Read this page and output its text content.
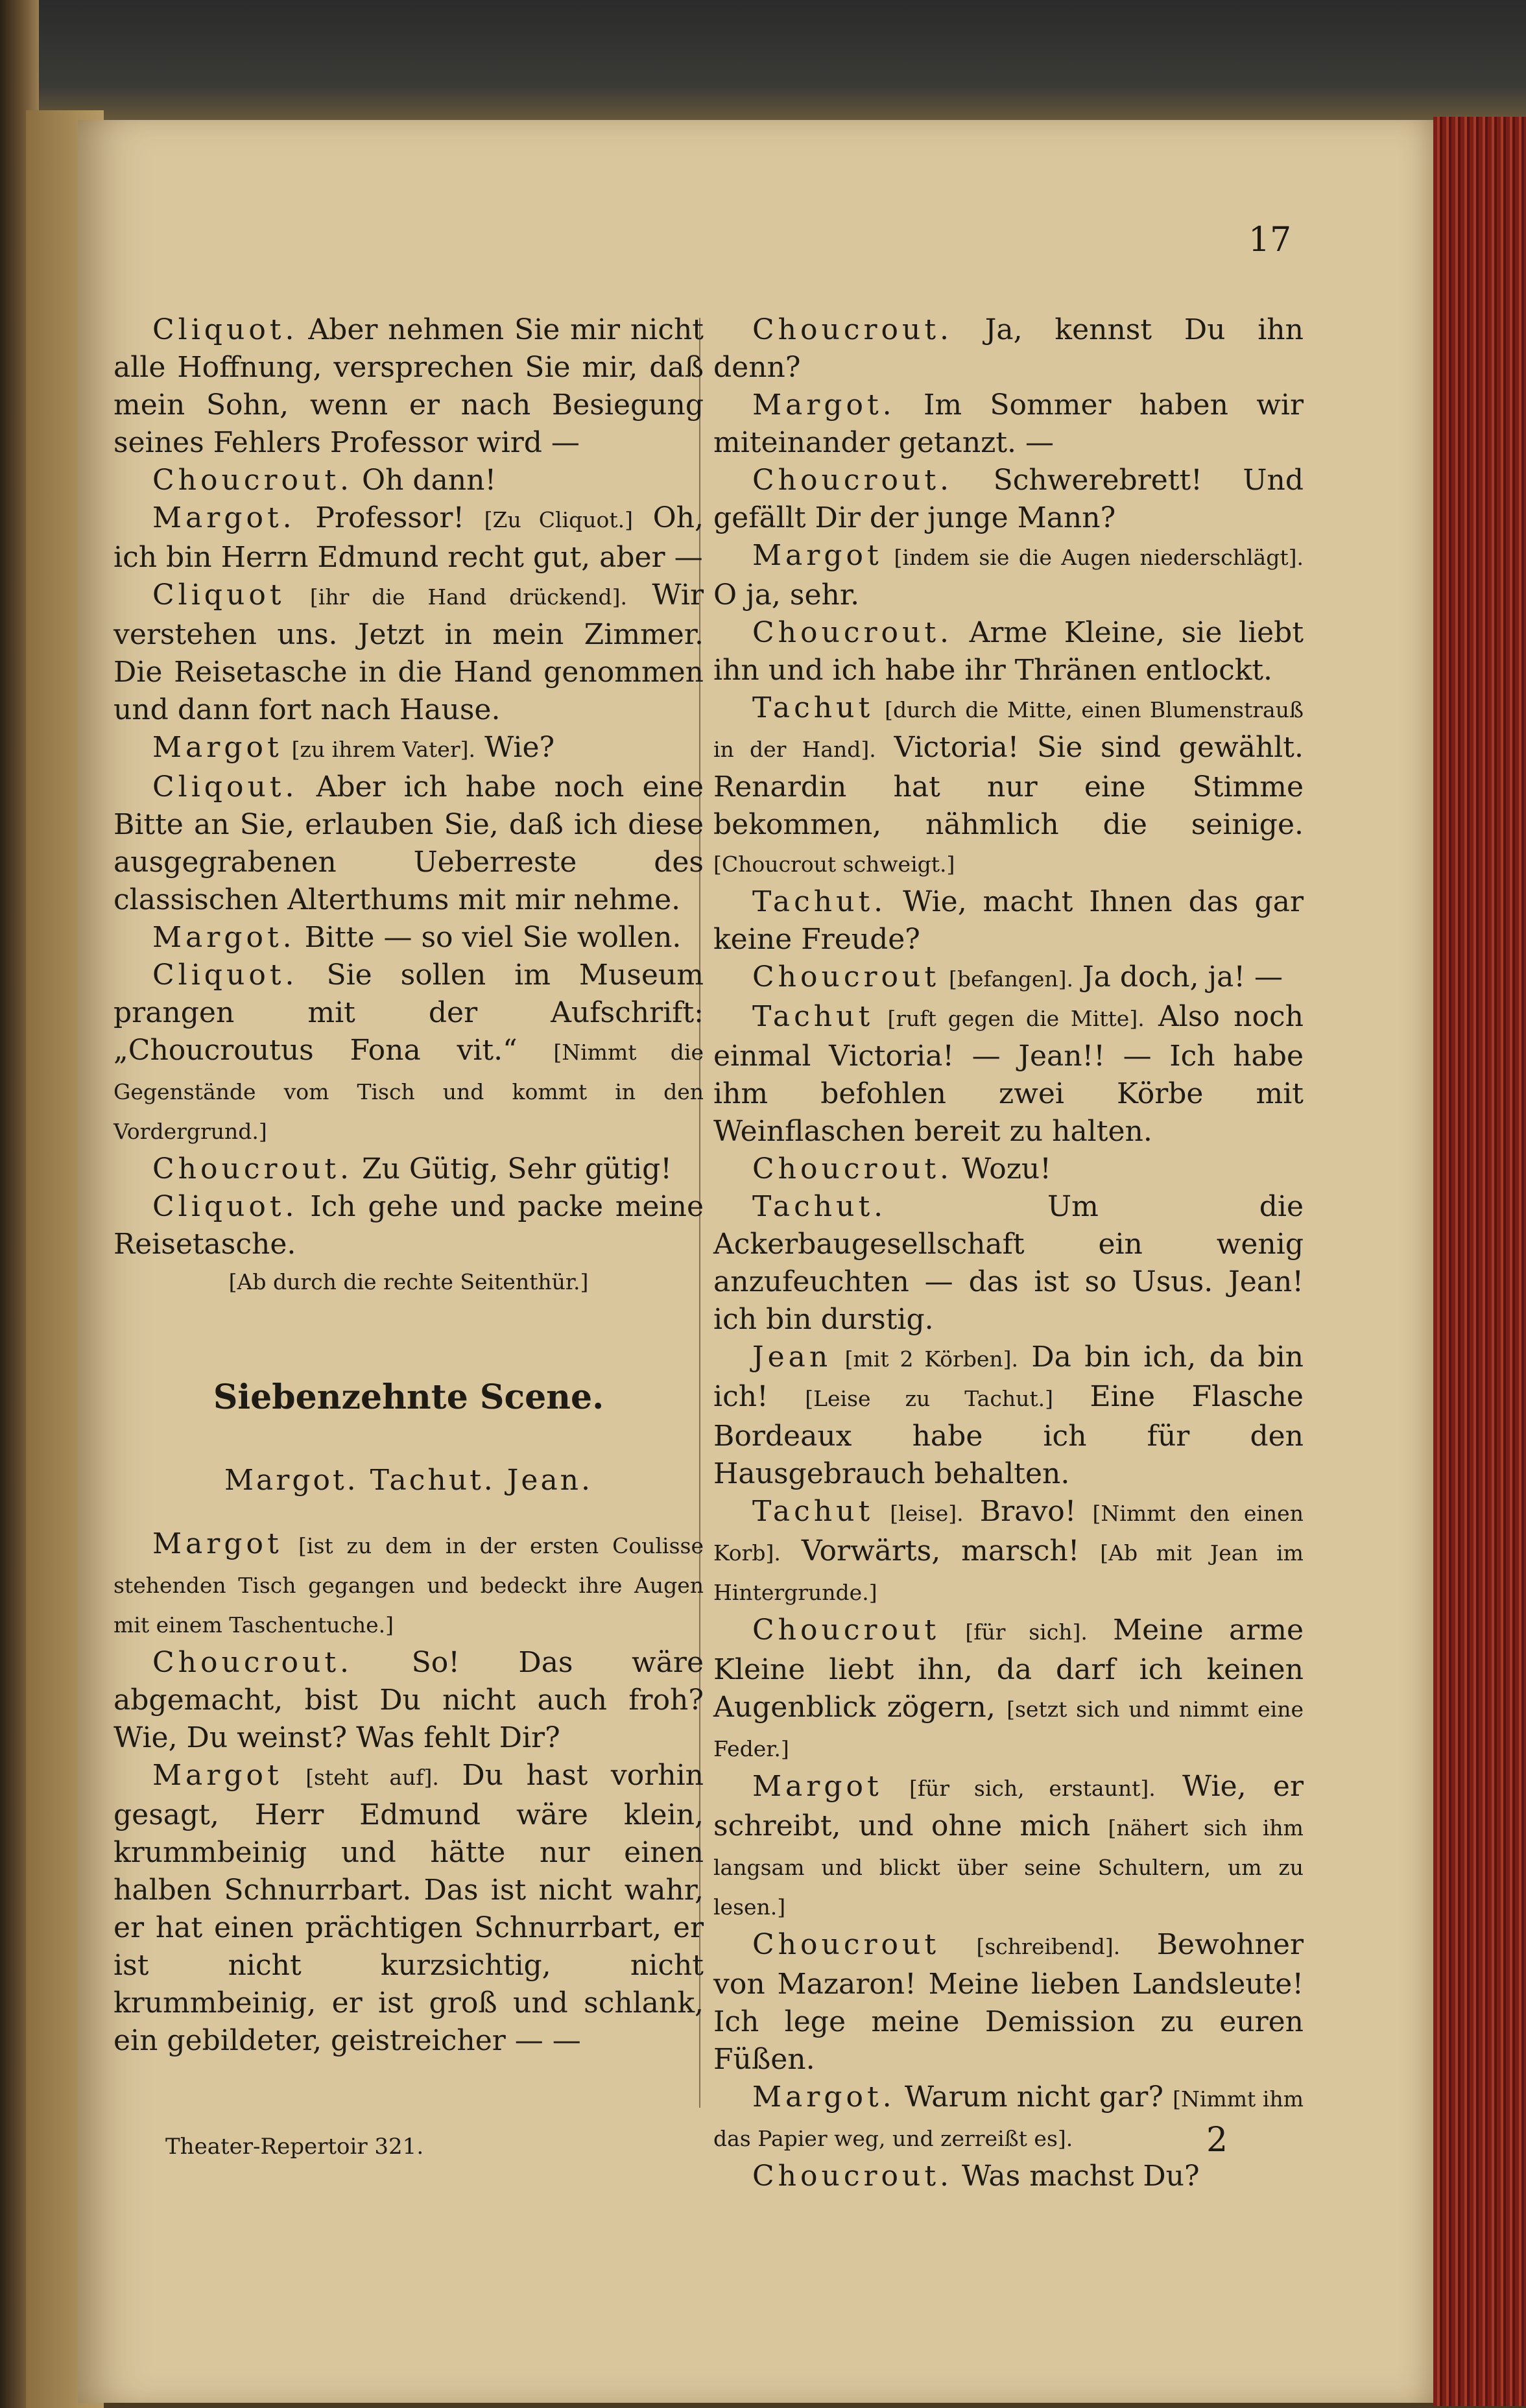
17

Cliquot. Aber nehmen Sie mir nicht alle Hoffnung, versprechen Sie mir, daß mein Sohn, wenn er nach Besiegung seines Fehlers Professor wird —

Choucrout. Oh dann!

Margot. Professor! [Zu Cliquot.] Oh, ich bin Herrn Edmund recht gut, aber —

Cliquot [ihr die Hand drückend]. Wir verstehen uns. Jetzt in mein Zimmer. Die Reisetasche in die Hand genommen und dann fort nach Hause.

Margot [zu ihrem Vater]. Wie?

Cliqout. Aber ich habe noch eine Bitte an Sie, erlauben Sie, daß ich diese ausgegrabenen Ueberreste des classischen Alterthums mit mir nehme.

Margot. Bitte — so viel Sie wollen.

Cliquot. Sie sollen im Museum prangen mit der Aufschrift: „Choucroutus Fona vit.“ [Nimmt die Gegenstände vom Tisch und kommt in den Vordergrund.]

Choucrout. Zu Gütig, Sehr gütig!

Cliquot. Ich gehe und packe meine Reisetasche.

[Ab durch die rechte Seitenthür.]

Siebenzehnte Scene.
Margot. Tachut. Jean.

Margot [ist zu dem in der ersten Coulisse stehenden Tisch gegangen und bedeckt ihre Augen mit einem Taschentuche.]

Choucrout. So! Das wäre abgemacht, bist Du nicht auch froh? Wie, Du weinst? Was fehlt Dir?

Margot [steht auf]. Du hast vorhin gesagt, Herr Edmund wäre klein, krummbeinig und hätte nur einen halben Schnurrbart. Das ist nicht wahr, er hat einen prächtigen Schnurrbart, er ist nicht kurzsichtig, nicht krummbeinig, er ist groß und schlank, ein gebildeter, geistreicher — —

Choucrout. Ja, kennst Du ihn denn?

Margot. Im Sommer haben wir miteinander getanzt. —

Choucrout. Schwerebrett! Und gefällt Dir der junge Mann?

Margot [indem sie die Augen niederschlägt]. O ja, sehr.

Choucrout. Arme Kleine, sie liebt ihn und ich habe ihr Thränen entlockt.

Tachut [durch die Mitte, einen Blumenstrauß in der Hand]. Victoria! Sie sind gewählt. Renardin hat nur eine Stimme bekommen, nähmlich die seinige. [Choucrout schweigt.]

Tachut. Wie, macht Ihnen das gar keine Freude?

Choucrout [befangen]. Ja doch, ja! —

Tachut [ruft gegen die Mitte]. Also noch einmal Victoria! — Jean!! — Ich habe ihm befohlen zwei Körbe mit Weinflaschen bereit zu halten.

Choucrout. Wozu!

Tachut.	Um die Ackerbaugesellschaft ein wenig anzufeuchten — das ist so Usus. Jean! ich bin durstig.

Jean [mit 2 Körben]. Da bin ich, da bin ich! [Leise zu Tachut.] Eine Flasche Bordeaux habe ich für den Hausgebrauch behalten.

Tachut [leise]. Bravo! [Nimmt den einen Korb]. Vorwärts, marsch! [Ab mit Jean im Hintergrunde.]

Choucrout [für sich]. Meine arme Kleine liebt ihn, da darf ich keinen Augenblick zögern, [setzt sich und nimmt eine Feder.]

Margot [für sich, erstaunt]. Wie, er schreibt, und ohne mich [nähert sich ihm langsam und blickt über seine Schultern, um zu lesen.]

Choucrout [schreibend]. Bewohner von Mazaron! Meine lieben Landsleute! Ich lege meine Demission zu euren Füßen.

Margot. Warum nicht gar? [Nimmt ihm das Papier weg, und zerreißt es].

Choucrout. Was machst Du?

Theater-Repertoir 321.	2
